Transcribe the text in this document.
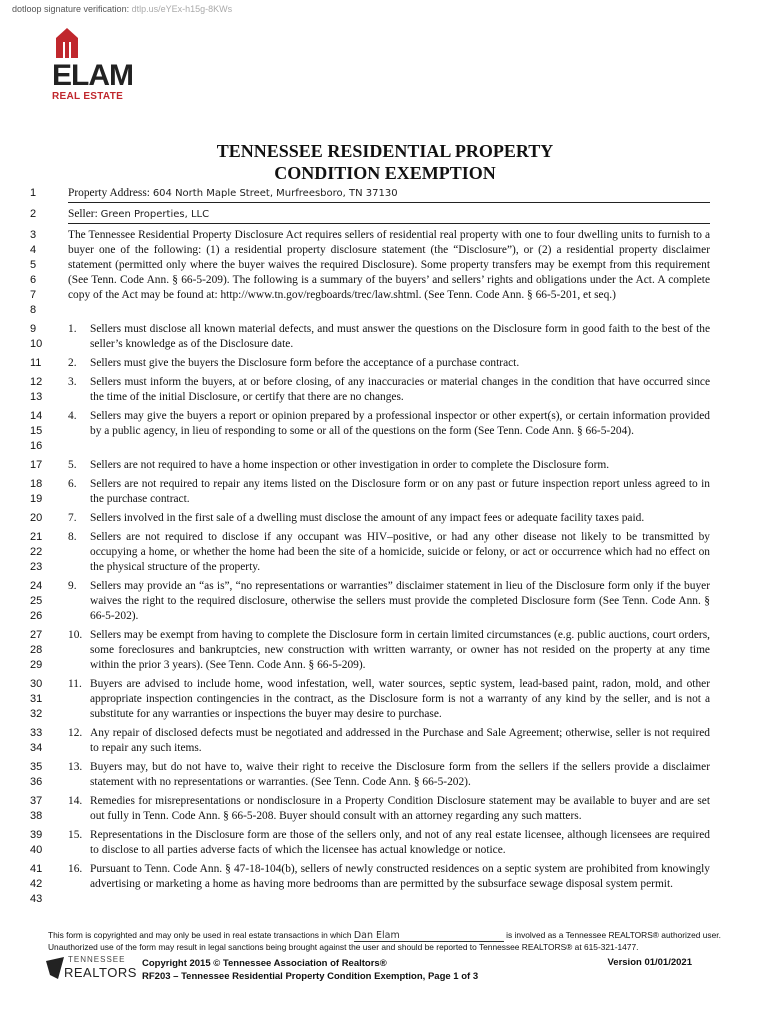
dotloop signature verification: dtlp.us/eYEx-h15g-8KWs
ELAM
REAL ESTATE
TENNESSEE RESIDENTIAL PROPERTY
CONDITION EXEMPTION
1	Property Address: 604 North Maple Street, Murfreesboro, TN 37130
2	Seller: Green Properties, LLC
3
4
5
6
7
8
The Tennessee Residential Property Disclosure Act requires sellers of residential real property with one to four dwelling units to furnish to a buyer one of the following: (1) a residential property disclosure statement (the “Disclosure”), or (2) a residential property disclaimer statement (permitted only where the buyer waives the required Disclosure). Some property transfers may be exempt from this requirement (See Tenn. Code Ann. § 66-5-209). The following is a summary of the buyers’ and sellers’ rights and obligations under the Act. A complete copy of the Act may be found at: http://www.tn.gov/regboards/trec/law.shtml. (See Tenn. Code Ann. § 66-5-201, et seq.)
9
10
1.	Sellers must disclose all known material defects, and must answer the questions on the Disclosure form in good faith to the best of the seller’s knowledge as of the Disclosure date.
11	2.	Sellers must give the buyers the Disclosure form before the acceptance of a purchase contract.
12
13
3.	Sellers must inform the buyers, at or before closing, of any inaccuracies or material changes in the condition that have occurred since the time of the initial Disclosure, or certify that there are no changes.
14
15
16
4.	Sellers may give the buyers a report or opinion prepared by a professional inspector or other expert(s), or certain information provided by a public agency, in lieu of responding to some or all of the questions on the form (See Tenn. Code Ann. § 66-5-204).
17	5.	Sellers are not required to have a home inspection or other investigation in order to complete the Disclosure form.
18
19
6.	Sellers are not required to repair any items listed on the Disclosure form or on any past or future inspection report unless agreed to in the purchase contract.
20	7.	Sellers involved in the first sale of a dwelling must disclose the amount of any impact fees or adequate facility taxes paid.
21
22
23
8.	Sellers are not required to disclose if any occupant was HIV–positive, or had any other disease not likely to be transmitted by occupying a home, or whether the home had been the site of a homicide, suicide or felony, or act or occurrence which had no effect on the physical structure of the property.
24
25
26
9.	Sellers may provide an “as is”, “no representations or warranties” disclaimer statement in lieu of the Disclosure form only if the buyer waives the right to the required disclosure, otherwise the sellers must provide the completed Disclosure form (See Tenn. Code Ann. § 66-5-202).
27
28
29
10. Sellers may be exempt from having to complete the Disclosure form in certain limited circumstances (e.g. public auctions, court orders, some foreclosures and bankruptcies, new construction with written warranty, or owner has not resided on the property at any time within the prior 3 years). (See Tenn. Code Ann. § 66-5-209).
30
31
32
11. Buyers are advised to include home, wood infestation, well, water sources, septic system, lead-based paint, radon, mold, and other appropriate inspection contingencies in the contract, as the Disclosure form is not a warranty of any kind by the seller, and is not a substitute for any warranties or inspections the buyer may desire to purchase.
33
34
12. Any repair of disclosed defects must be negotiated and addressed in the Purchase and Sale Agreement; otherwise, seller is not required to repair any such items.
35
36
13. Buyers may, but do not have to, waive their right to receive the Disclosure form from the sellers if the sellers provide a disclaimer statement with no representations or warranties. (See Tenn. Code Ann. § 66-5-202).
37
38
14. Remedies for misrepresentations or nondisclosure in a Property Condition Disclosure statement may be available to buyer and are set out fully in Tenn. Code Ann. § 66-5-208. Buyer should consult with an attorney regarding any such matters.
39
40
15. Representations in the Disclosure form are those of the sellers only, and not of any real estate licensee, although licensees are required to disclose to all parties adverse facts of which the licensee has actual knowledge or notice.
41
42
43
16. Pursuant to Tenn. Code Ann. § 47-18-104(b), sellers of newly constructed residences on a septic system are prohibited from knowingly advertising or marketing a home as having more bedrooms than are permitted by the subsurface sewage disposal system permit.
This form is copyrighted and may only be used in real estate transactions in which Dan Elam	is involved as a Tennessee REALTORS® authorized user. Unauthorized use of the form may result in legal sanctions being brought against the user and should be reported to Tennessee REALTORS® at 615-321-1477.
TENNESSEE
REALTORS
Copyright 2015 © Tennessee Association of Realtors®
RF203 – Tennessee Residential Property Condition Exemption, Page 1 of 3
Version 01/01/2021
